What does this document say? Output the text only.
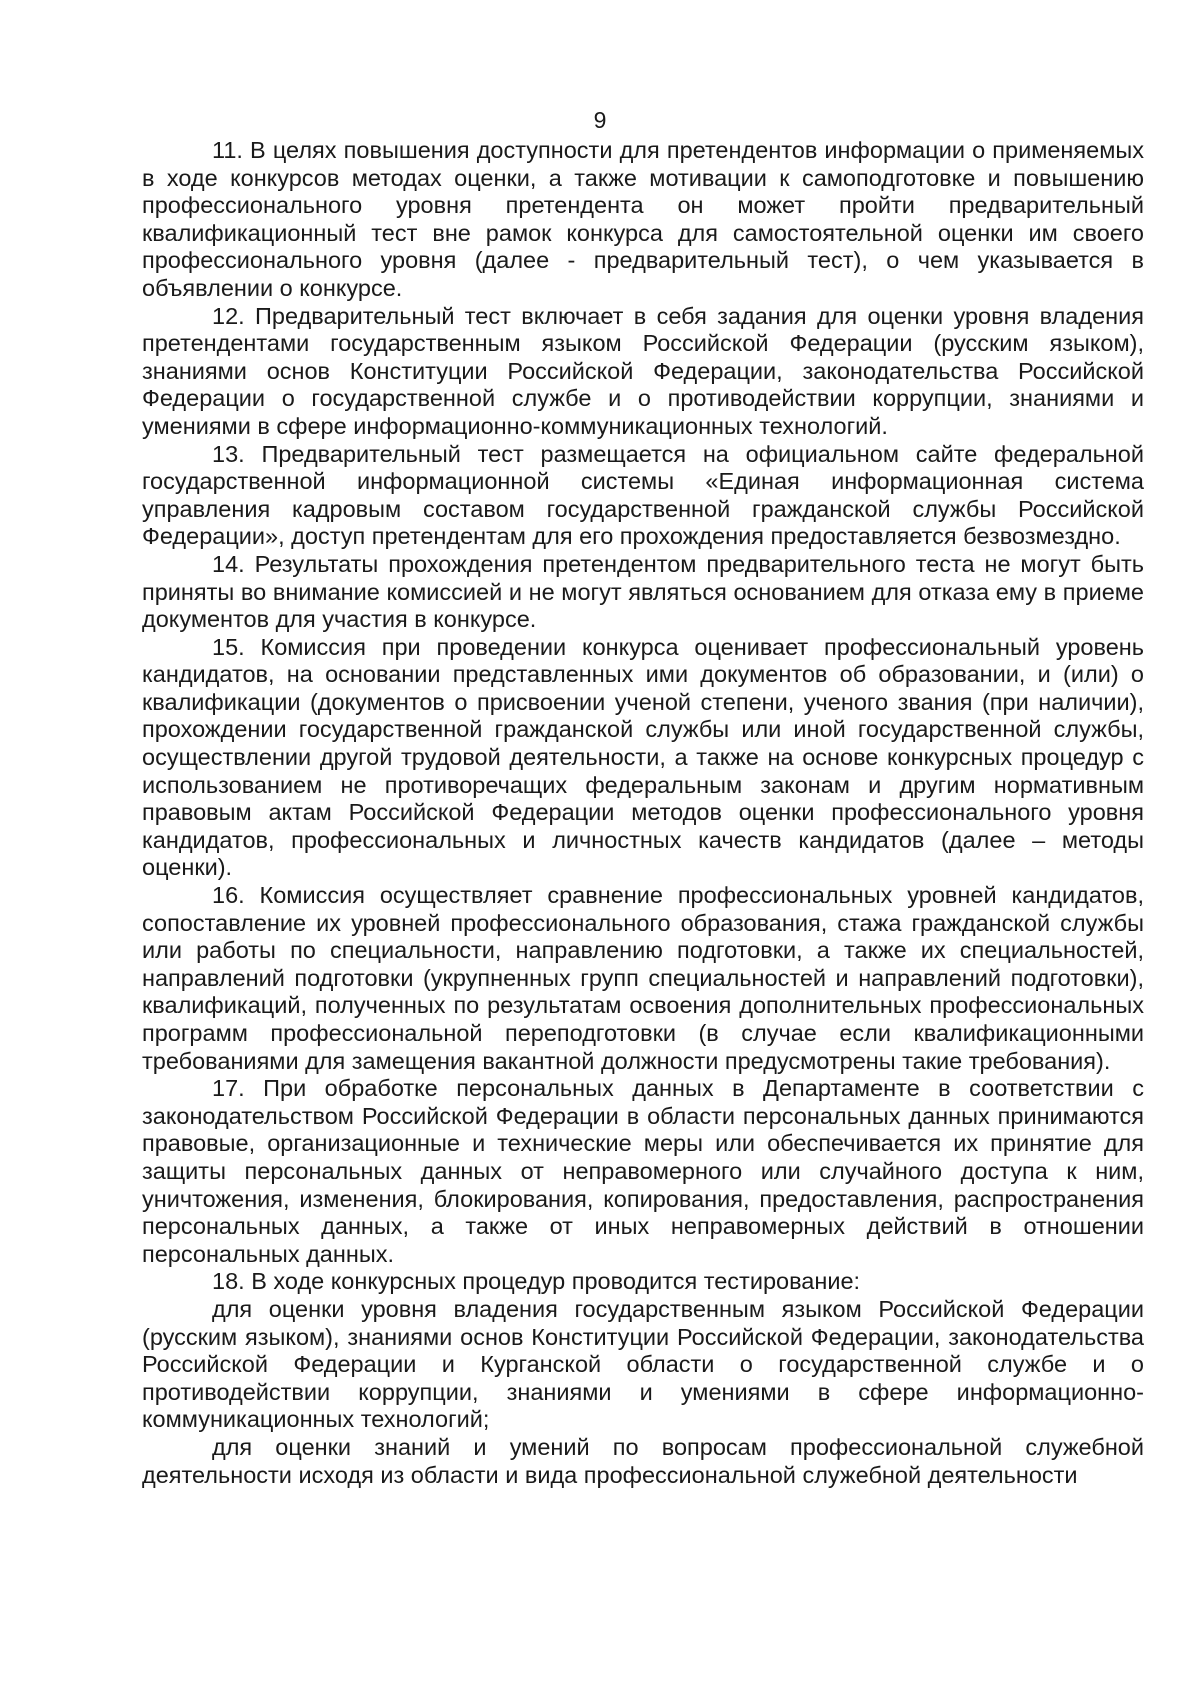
9

11. В целях повышения доступности для претендентов информации о применяемых в ходе конкурсов методах оценки, а также мотивации к самоподготовке и повышению профессионального уровня претендента он может пройти предварительный квалификационный тест вне рамок конкурса для самостоятельной оценки им своего профессионального уровня (далее - предварительный тест), о чем указывается в объявлении о конкурсе.

12. Предварительный тест включает в себя задания для оценки уровня владения претендентами государственным языком Российской Федерации (русским языком), знаниями основ Конституции Российской Федерации, законодательства Российской Федерации о государственной службе и о противодействии коррупции, знаниями и умениями в сфере информационно-коммуникационных технологий.

13. Предварительный тест размещается на официальном сайте федеральной государственной информационной системы «Единая информационная система управления кадровым составом государственной гражданской службы Российской Федерации», доступ претендентам для его прохождения предоставляется безвозмездно.

14. Результаты прохождения претендентом предварительного теста не могут быть приняты во внимание комиссией и не могут являться основанием для отказа ему в приеме документов для участия в конкурсе.

15. Комиссия при проведении конкурса оценивает профессиональный уровень кандидатов, на основании представленных ими документов об образовании, и (или) о квалификации (документов о присвоении ученой степени, ученого звания (при наличии), прохождении государственной гражданской службы или иной государственной службы, осуществлении другой трудовой деятельности, а также на основе конкурсных процедур с использованием не противоречащих федеральным законам и другим нормативным правовым актам Российской Федерации методов оценки профессионального уровня кандидатов, профессиональных и личностных качеств кандидатов (далее – методы оценки).

16. Комиссия осуществляет сравнение профессиональных уровней кандидатов, сопоставление их уровней профессионального образования, стажа гражданской службы или работы по специальности, направлению подготовки, а также их специальностей, направлений подготовки (укрупненных групп специальностей и направлений подготовки), квалификаций, полученных по результатам освоения дополнительных профессиональных программ профессиональной переподготовки (в случае если квалификационными требованиями для замещения вакантной должности предусмотрены такие требования).

17. При обработке персональных данных в Департаменте в соответствии с законодательством Российской Федерации в области персональных данных принимаются правовые, организационные и технические меры или обеспечивается их принятие для защиты персональных данных от неправомерного или случайного доступа к ним, уничтожения, изменения, блокирования, копирования, предоставления, распространения персональных данных, а также от иных неправомерных действий в отношении персональных данных.

18. В ходе конкурсных процедур проводится тестирование:

для оценки уровня владения государственным языком Российской Федерации (русским языком), знаниями основ Конституции Российской Федерации, законодательства Российской Федерации и Курганской области о государственной службе и о противодействии коррупции, знаниями и умениями в сфере информационно-коммуникационных технологий;

для оценки знаний и умений по вопросам профессиональной служебной деятельности исходя из области и вида профессиональной служебной деятельности
